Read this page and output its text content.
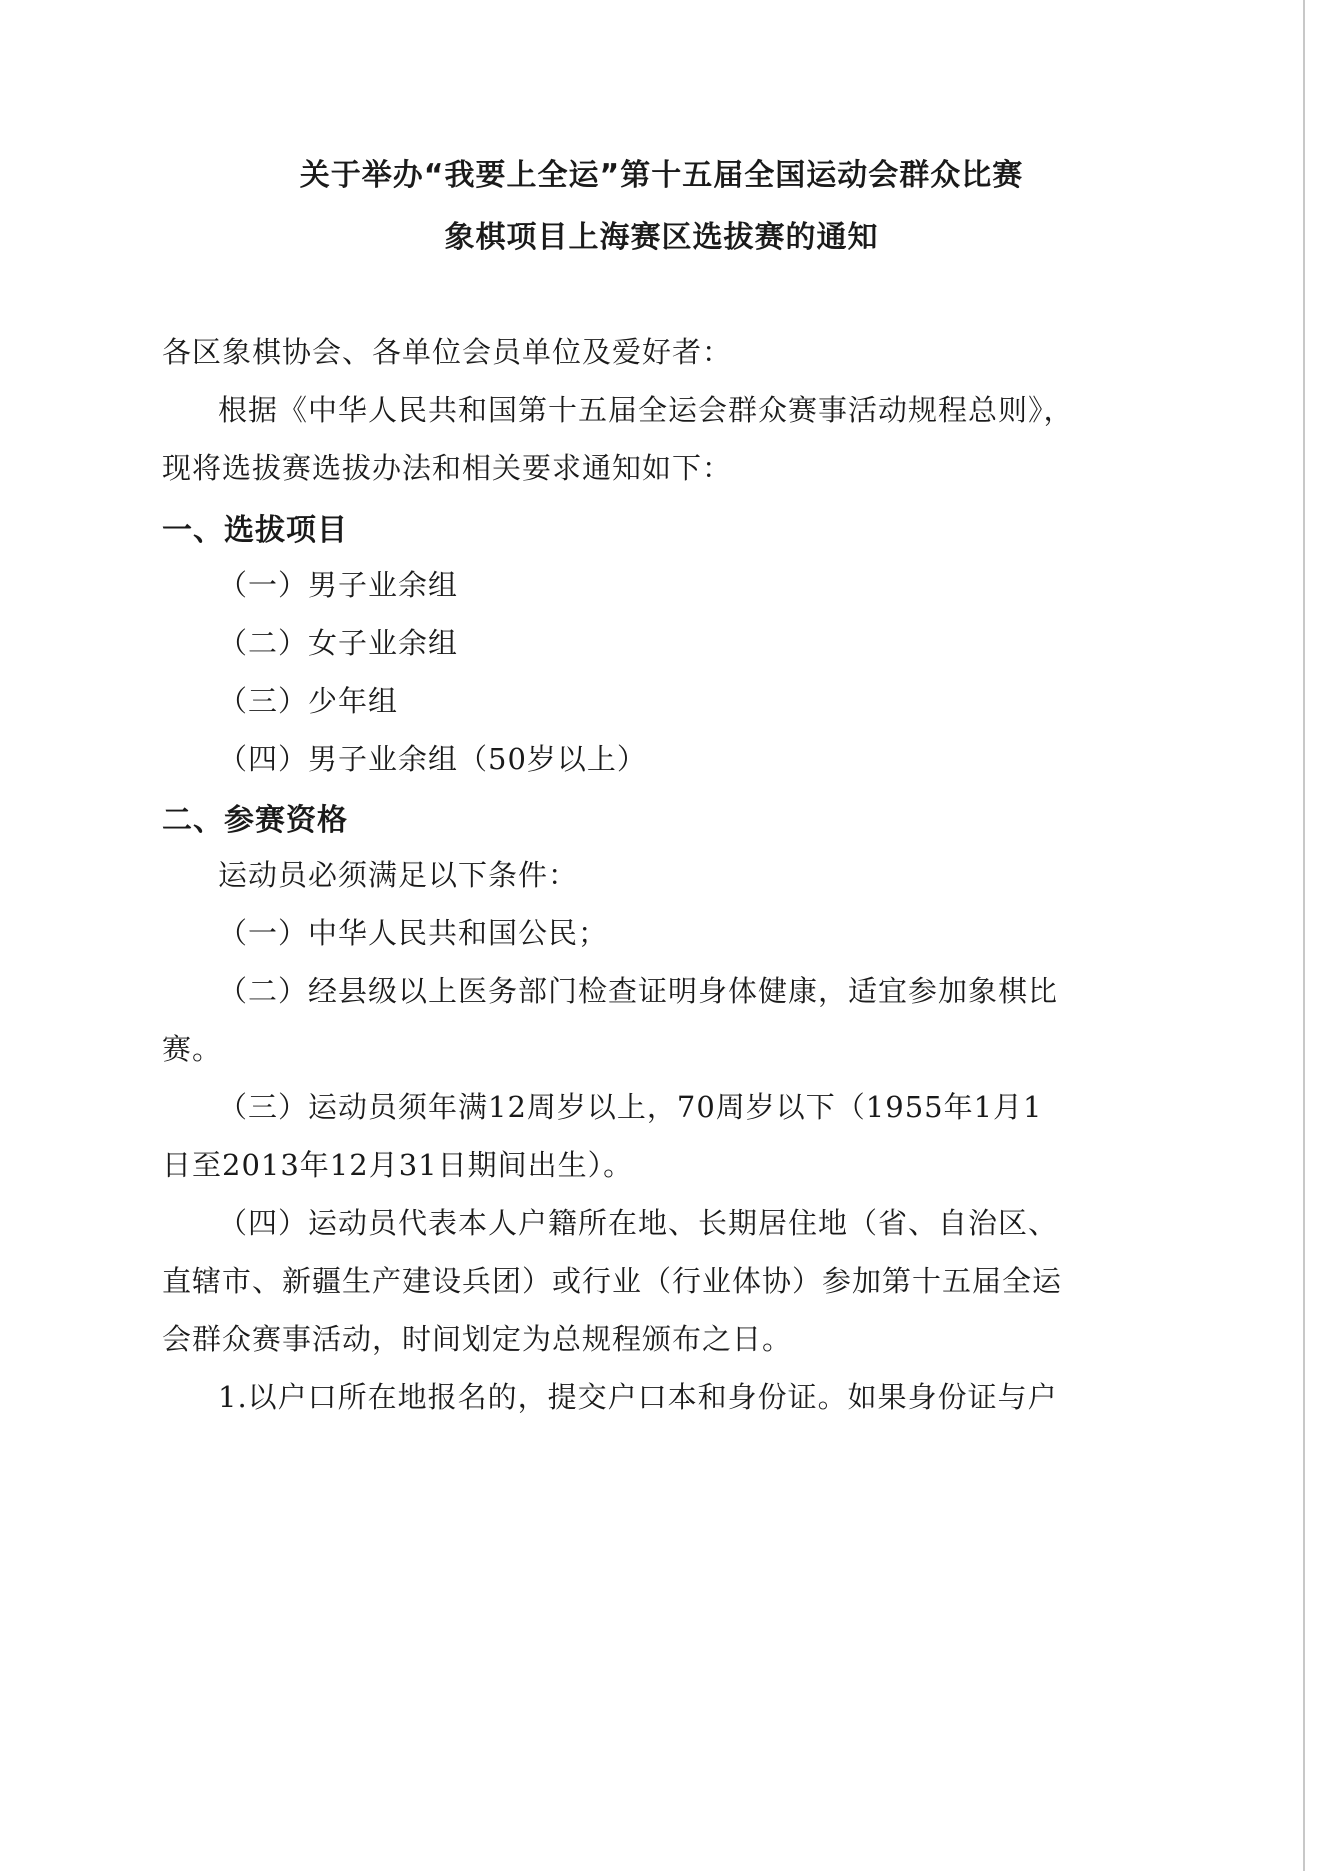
关于举办“我要上全运”第十五届全国运动会群众比赛
象棋项目上海赛区选拔赛的通知
各区象棋协会、各单位会员单位及爱好者：
根据《中华人民共和国第十五届全运会群众赛事活动规程总则》，
现将选拔赛选拔办法和相关要求通知如下：
一、选拔项目
（一）男子业余组
（二）女子业余组
（三）少年组
（四）男子业余组（50岁以上）
二、参赛资格
运动员必须满足以下条件：
（一）中华人民共和国公民；
（二）经县级以上医务部门检查证明身体健康，适宜参加象棋比
赛。
（三）运动员须年满12周岁以上，70周岁以下（1955年1月1
日至2013年12月31日期间出生）。
（四）运动员代表本人户籍所在地、长期居住地（省、自治区、
直辖市、新疆生产建设兵团）或行业（行业体协）参加第十五届全运
会群众赛事活动，时间划定为总规程颁布之日。
1.以户口所在地报名的，提交户口本和身份证。如果身份证与户
